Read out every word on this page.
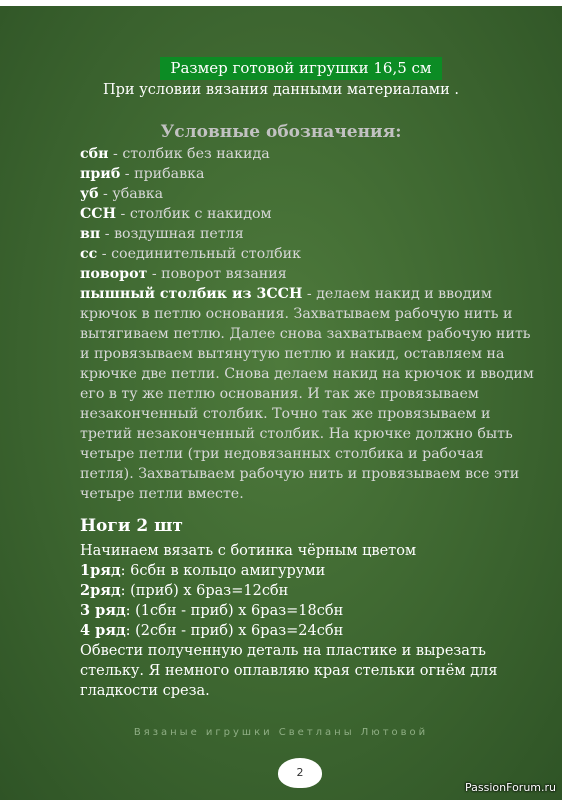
Размер готовой игрушки 16,5 см
При условии вязания данными материалами .
Условные обозначения:
сбн - столбик без накида
приб - прибавка
уб - убавка
ССН - столбик с накидом
вп - воздушная петля
сс - соединительный столбик
поворот - поворот вязания
пышный столбик из 3ССН - делаем накид и вводим крючок в петлю основания. Захватываем рабочую нить и вытягиваем петлю. Далее снова захватываем рабочую нить и провязываем вытянутую петлю и накид, оставляем на крючке две петли. Снова делаем накид на крючок и вводим его в ту же петлю основания. И так же провязываем незаконченный столбик. Точно так же провязываем и третий незаконченный столбик. На крючке должно быть четыре петли (три недовязанных столбика и рабочая петля). Захватываем рабочую нить и провязываем все эти четыре петли вместе.
Ноги 2 шт
Начинаем вязать с ботинка чёрным цветом
1ряд: 6сбн в кольцо амигуруми
2ряд: (приб) х 6раз=12сбн
3 ряд: (1сбн - приб) х 6раз=18сбн
4 ряд: (2сбн - приб) х 6раз=24сбн
Обвести полученную деталь на пластике и вырезать стельку. Я немного оплавляю края стельки огнём для гладкости среза.
Вязаные игрушки Светланы Лютовой
2
PassionForum.ru
